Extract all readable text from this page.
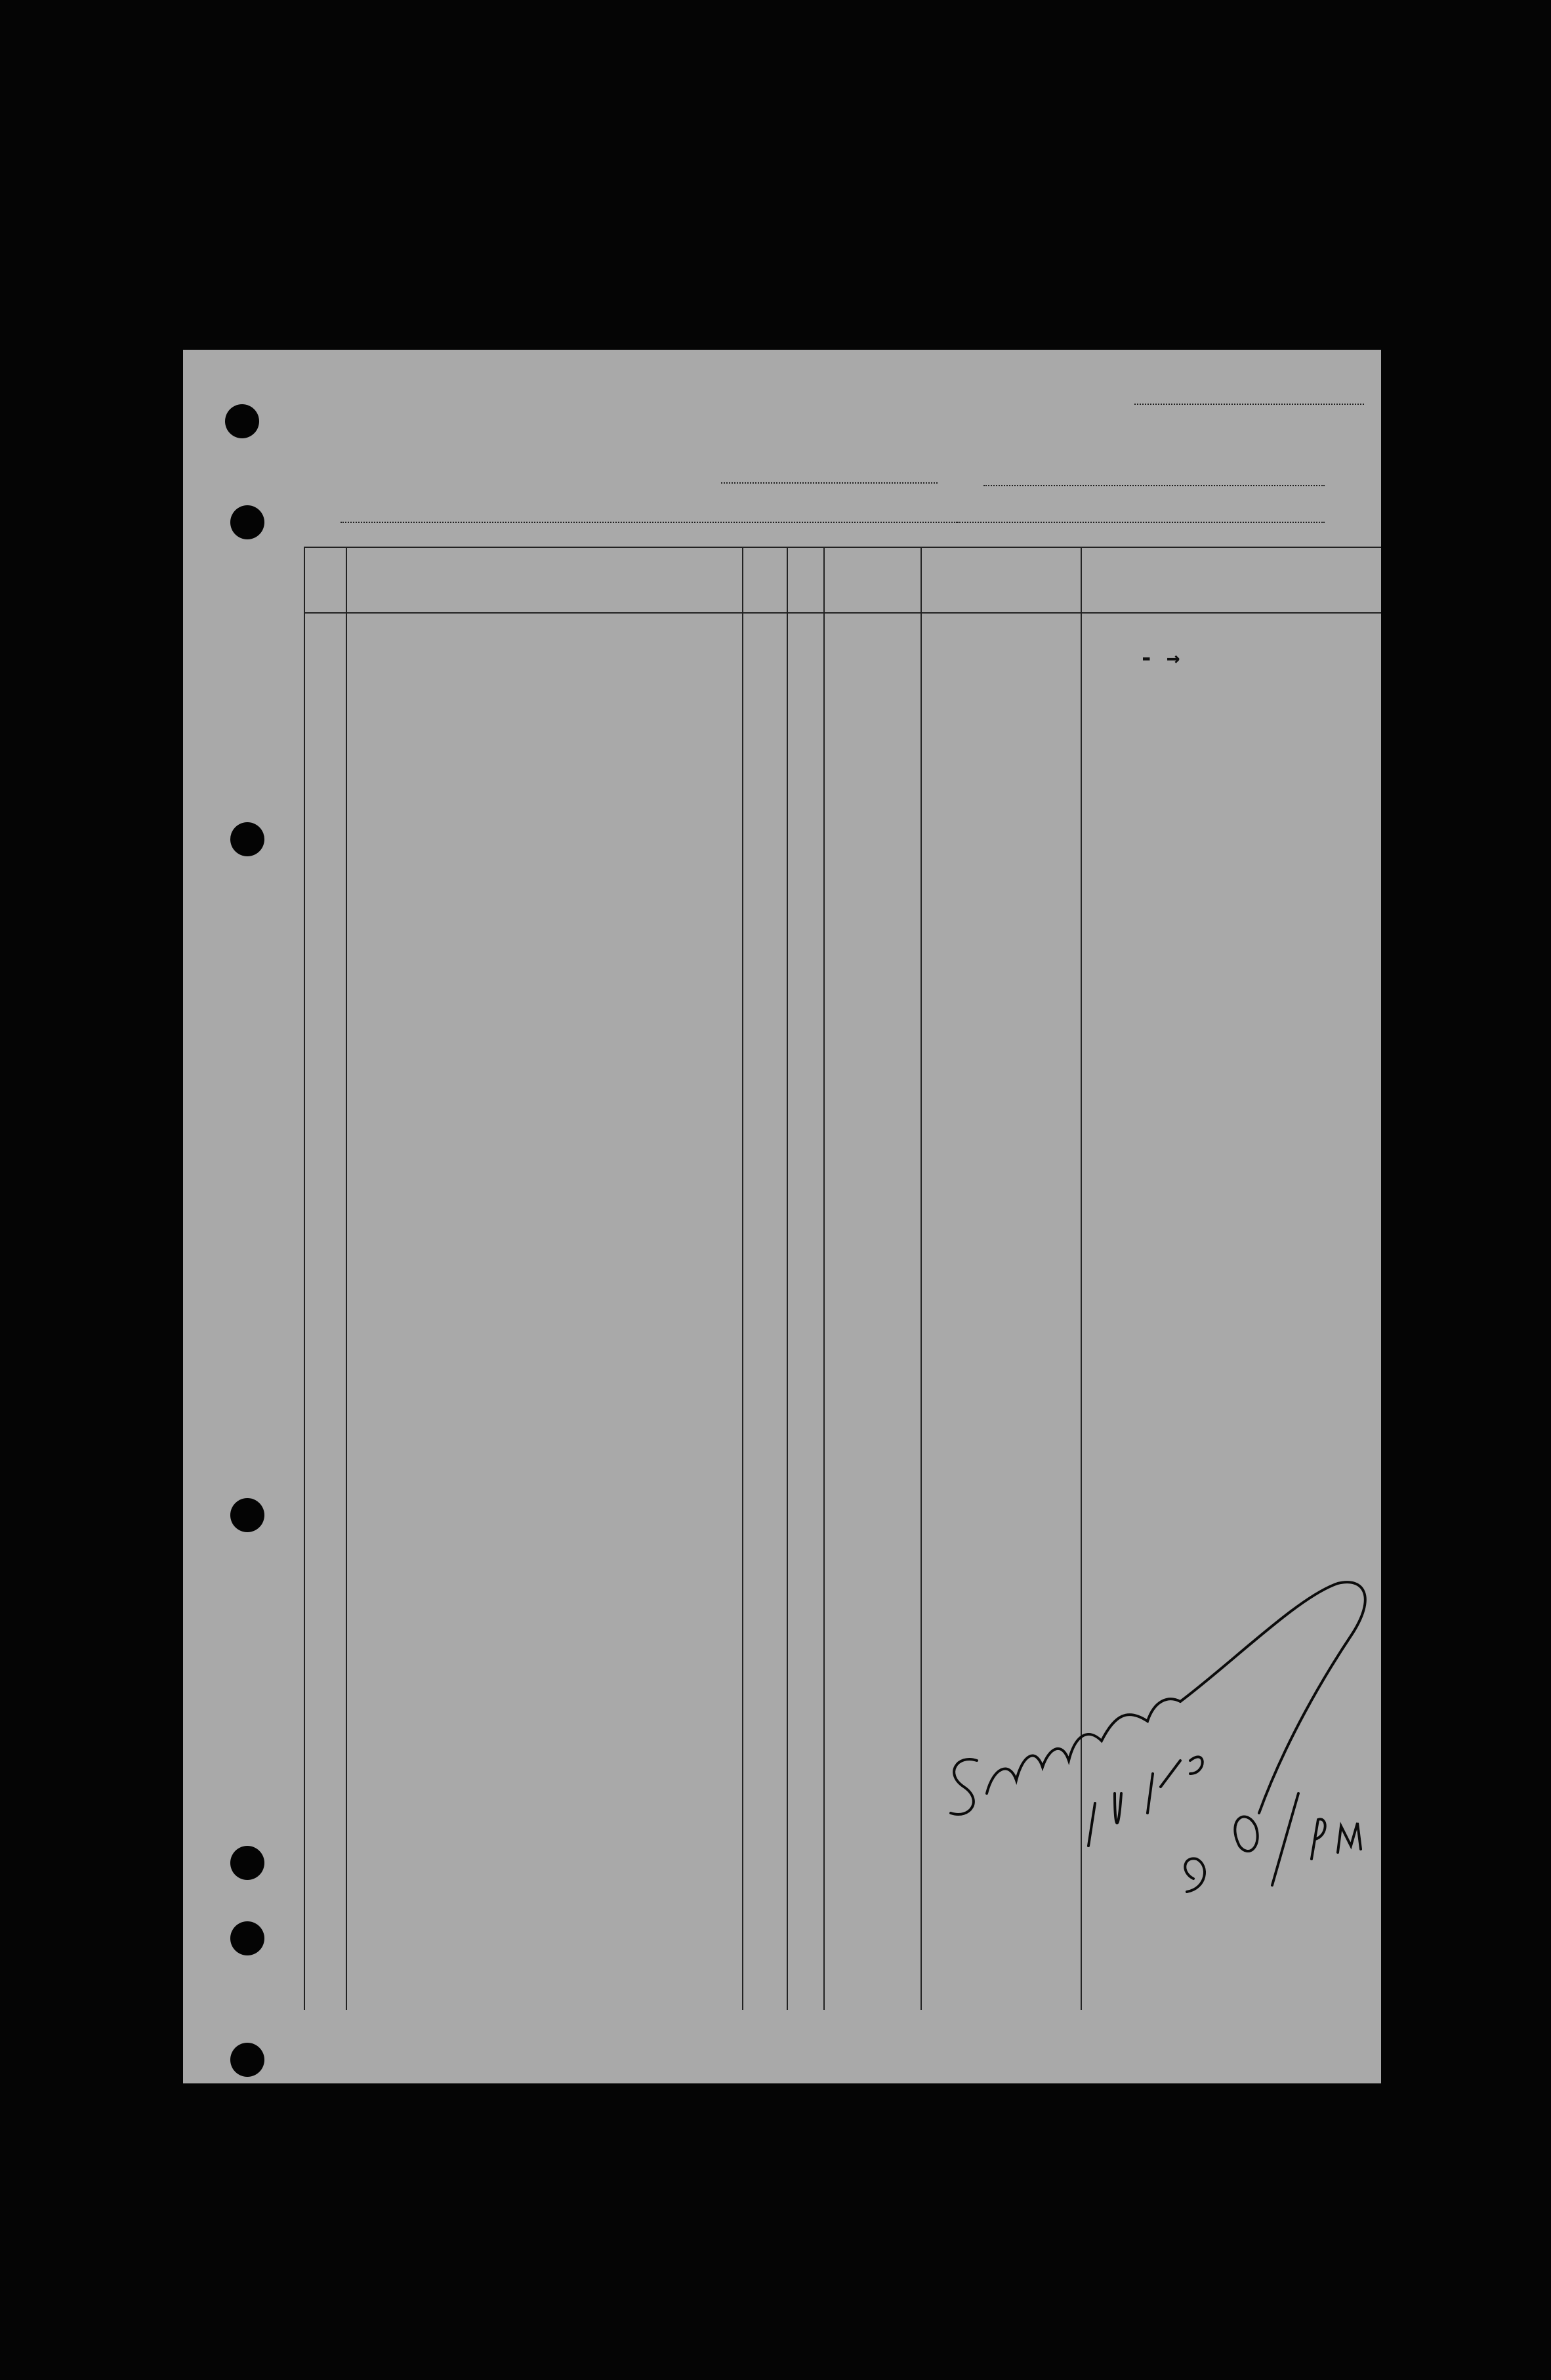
- →
